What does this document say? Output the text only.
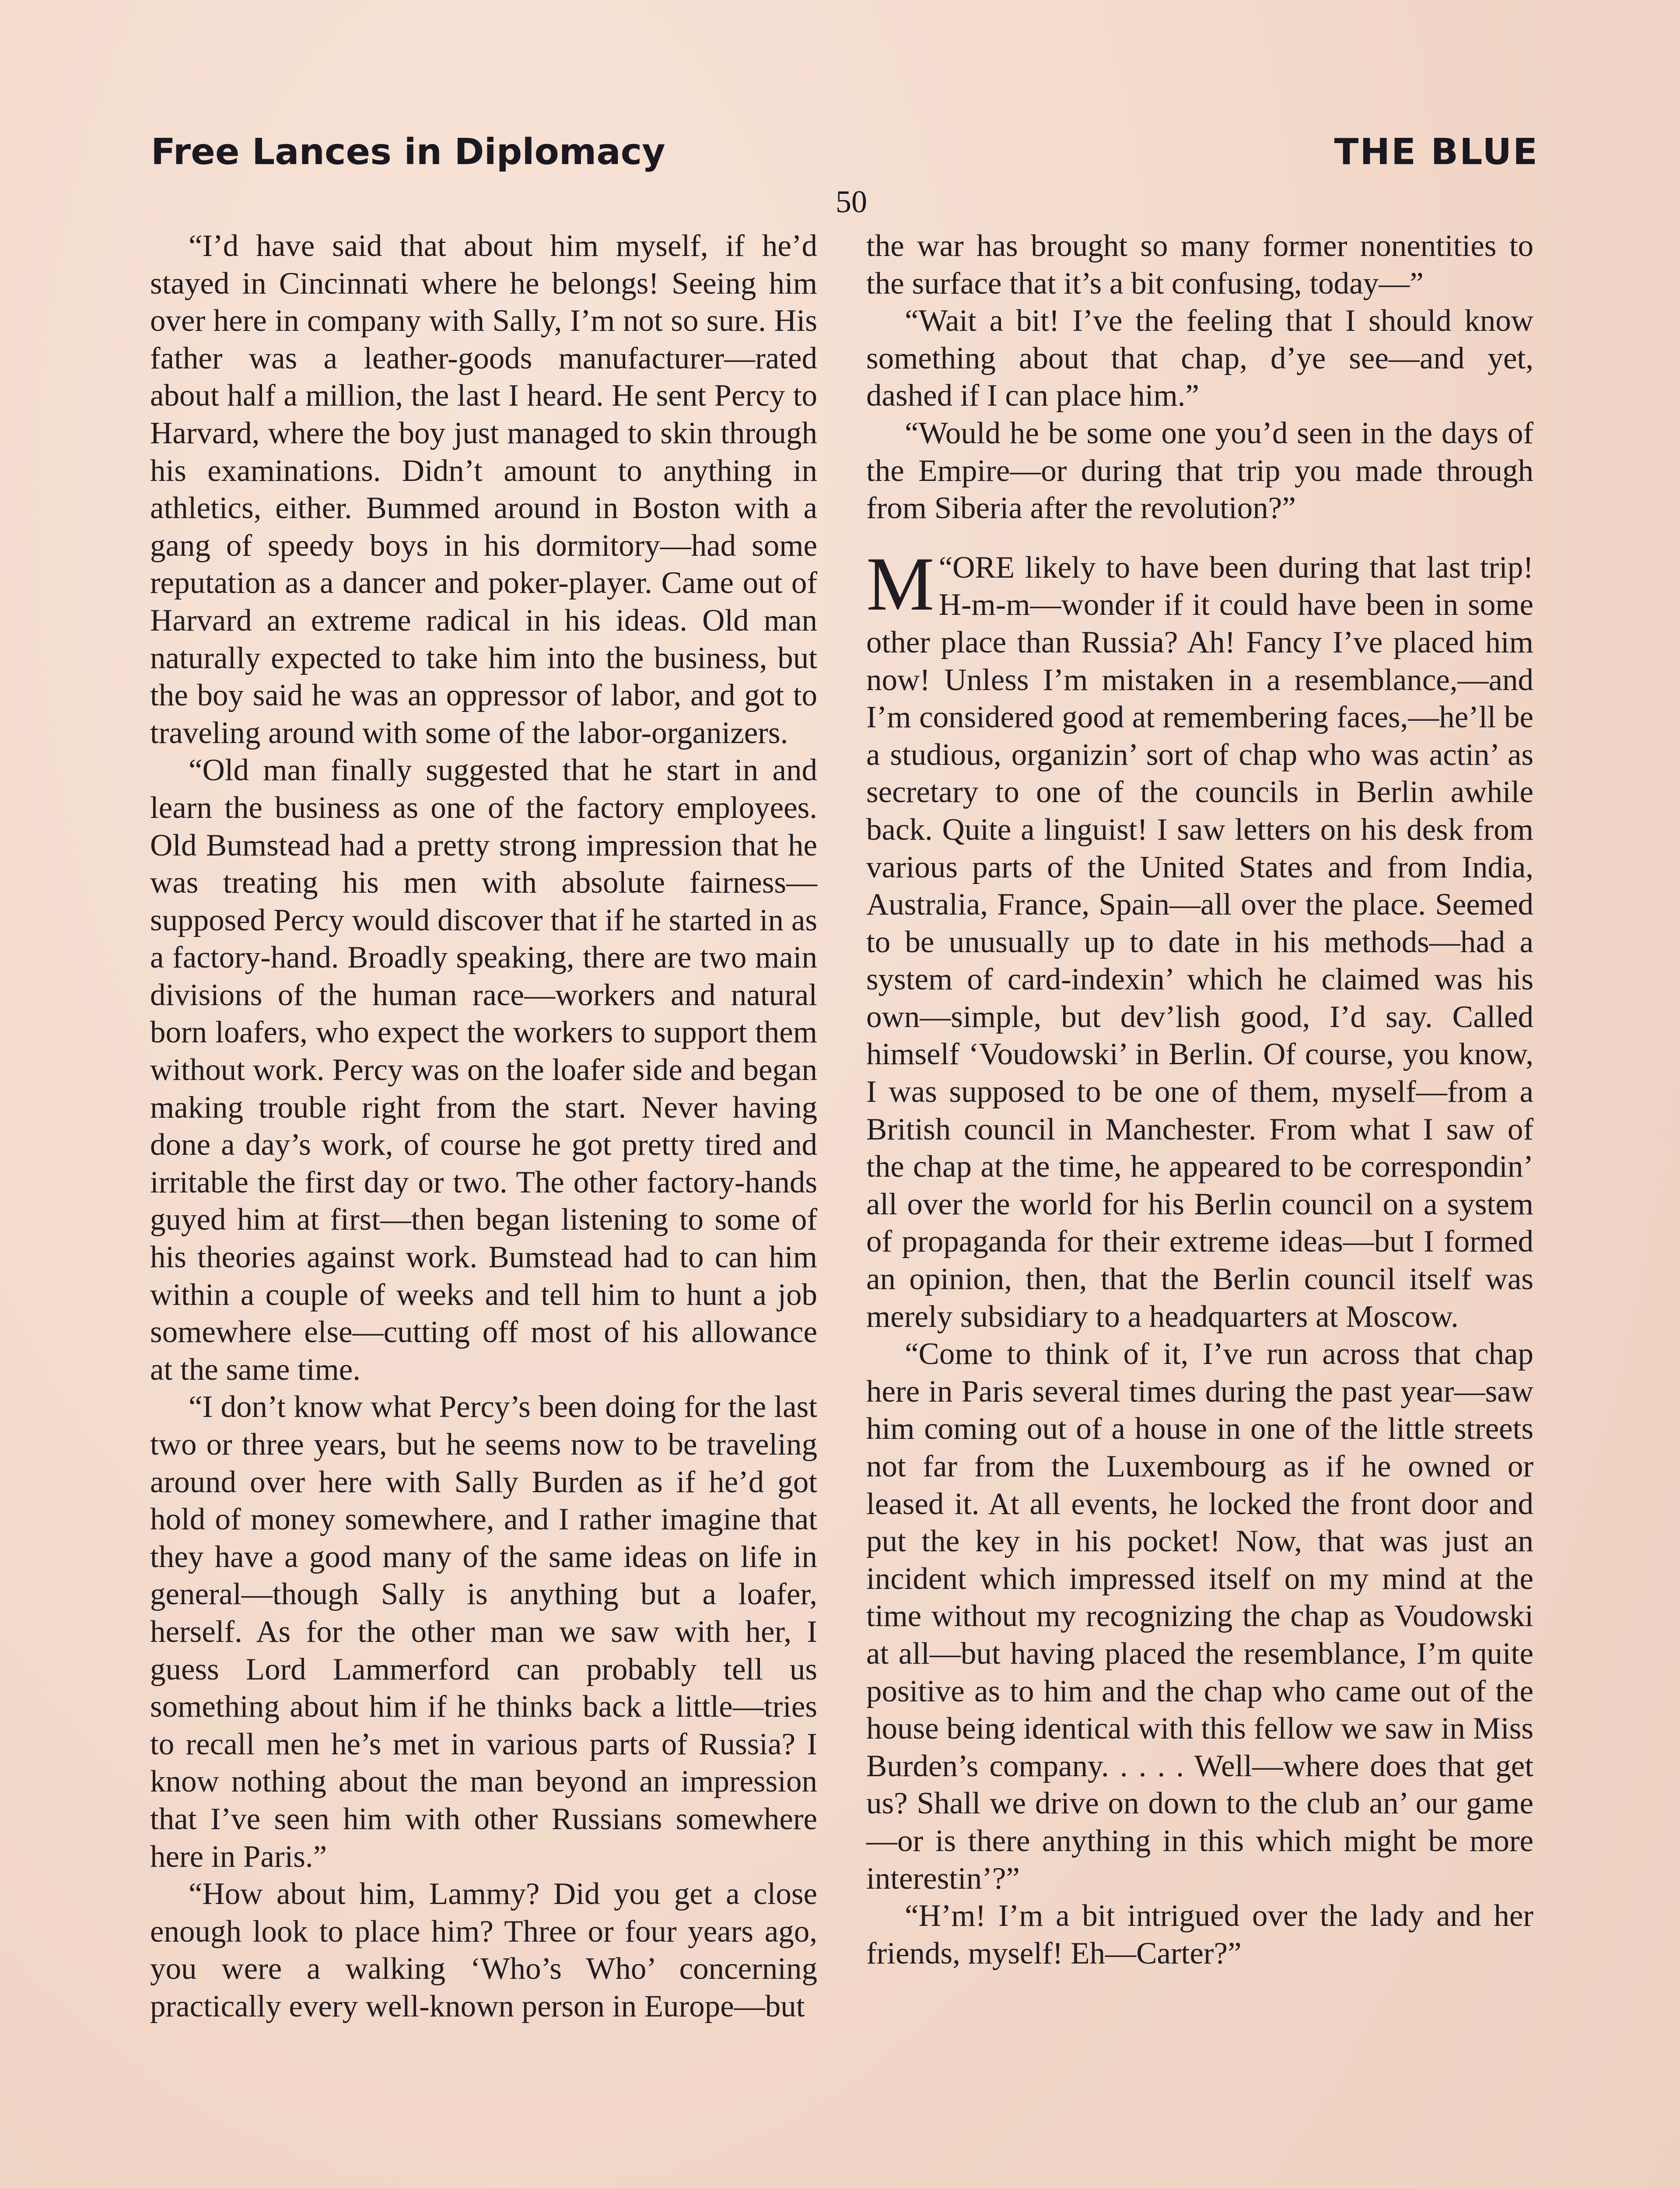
Free Lances in Diplomacy	THE BLUE
50

“I’d have said that about him myself, if he’d stayed in Cincinnati where he belongs! Seeing him over here in company with Sally, I’m not so sure. His father was a leather-goods manufacturer—rated about half a million, the last I heard. He sent Percy to Harvard, where the boy just managed to skin through his examinations. Didn’t amount to anything in athletics, either. Bummed around in Boston with a gang of speedy boys in his dormitory—had some reputation as a dancer and poker-player. Came out of Harvard an extreme radical in his ideas. Old man naturally expected to take him into the business, but the boy said he was an oppressor of labor, and got to traveling around with some of the labor-organizers.

“Old man finally suggested that he start in and learn the business as one of the factory employees. Old Bumstead had a pretty strong impression that he was treating his men with absolute fairness—supposed Percy would discover that if he started in as a factory-hand. Broadly speaking, there are two main divisions of the human race—workers and natural born loafers, who expect the workers to support them without work. Percy was on the loafer side and began making trouble right from the start. Never having done a day’s work, of course he got pretty tired and irritable the first day or two. The other factory-hands guyed him at first—then began listening to some of his theories against work. Bumstead had to can him within a couple of weeks and tell him to hunt a job somewhere else—cutting off most of his allowance at the same time.

“I don’t know what Percy’s been doing for the last two or three years, but he seems now to be traveling around over here with Sally Burden as if he’d got hold of money somewhere, and I rather imagine that they have a good many of the same ideas on life in general—though Sally is anything but a loafer, herself. As for the other man we saw with her, I guess Lord Lammerford can probably tell us something about him if he thinks back a little—tries to recall men he’s met in various parts of Russia? I know nothing about the man beyond an impression that I’ve seen him with other Russians somewhere here in Paris.”

“How about him, Lammy? Did you get a close enough look to place him? Three or four years ago, you were a walking ‘Who’s Who’ concerning practically every well-known person in Europe—but

the war has brought so many former nonentities to the surface that it’s a bit confusing, today—”

“Wait a bit! I’ve the feeling that I should know something about that chap, d’ye see—and yet, dashed if I can place him.”

“Would he be some one you’d seen in the days of the Empire—or during that trip you made through from Siberia after the revolution?”

“
M ORE likely to have been during that last trip! H-m-m—wonder if it could have been in some other place than Russia? Ah! Fancy I’ve placed him now! Unless I’m mistaken in a resemblance,—and I’m considered good at remembering faces,—he’ll be a studious, organizin’ sort of chap who was actin’ as secretary to one of the councils in Berlin awhile back. Quite a linguist! I saw letters on his desk from various parts of the United States and from India, Australia, France, Spain—all over the place. Seemed to be unusually up to date in his methods—had a system of card-indexin’ which he claimed was his own—simple, but dev’lish good, I’d say. Called himself ‘Voudowski’ in Berlin. Of course, you know, I was supposed to be one of them, myself—from a British council in Manchester. From what I saw of the chap at the time, he appeared to be correspondin’ all over the world for his Berlin council on a system of propaganda for their extreme ideas—but I formed an opinion, then, that the Berlin council itself was merely subsidiary to a headquarters at Moscow.

“Come to think of it, I’ve run across that chap here in Paris several times during the past year—saw him coming out of a house in one of the little streets not far from the Luxembourg as if he owned or leased it. At all events, he locked the front door and put the key in his pocket! Now, that was just an incident which impressed itself on my mind at the time without my recognizing the chap as Voudowski at all—but having placed the resemblance, I’m quite positive as to him and the chap who came out of the house being identical with this fellow we saw in Miss Burden’s company. . . . . Well—where does that get us? Shall we drive on down to the club an’ our game—or is there anything in this which might be more interestin’?”

“H’m! I’m a bit intrigued over the lady and her friends, myself! Eh—Carter?”
